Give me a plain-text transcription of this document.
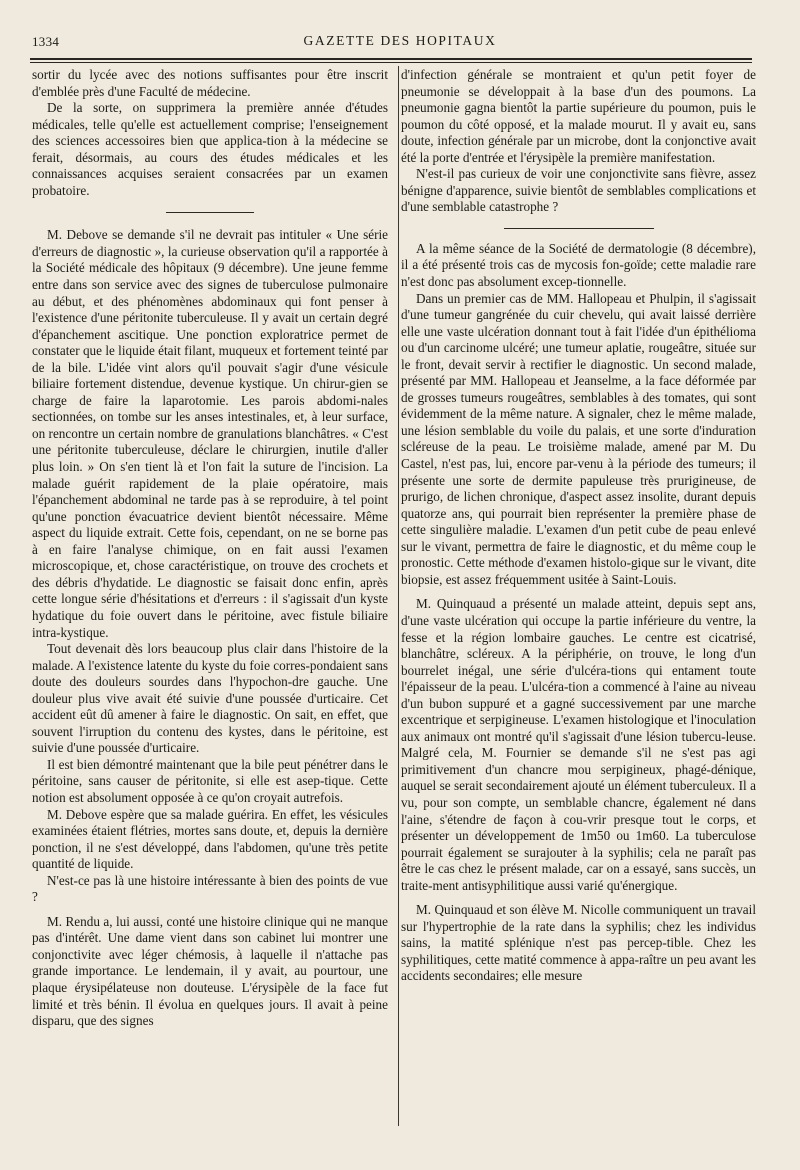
1334	GAZETTE DES HOPITAUX

sortir du lycée avec des notions suffisantes pour être inscrit d'emblée près d'une Faculté de médecine.

De la sorte, on supprimera la première année d'études médicales, telle qu'elle est actuellement comprise; l'enseignement des sciences accessoires bien que applica-tion à la médecine se ferait, désormais, au cours des études médicales et les connaissances acquises seraient consacrées par un examen probatoire.

M. Debove se demande s'il ne devrait pas intituler « Une série d'erreurs de diagnostic », la curieuse observation qu'il a rapportée à la Société médicale des hôpitaux (9 décembre). Une jeune femme entre dans son service avec des signes de tuberculose pulmonaire au début, et des phénomènes abdominaux qui font penser à l'existence d'une péritonite tuberculeuse. Il y avait un certain degré d'épanchement ascitique. Une ponction exploratrice permet de constater que le liquide était filant, muqueux et fortement teinté par de la bile. L'idée vint alors qu'il pouvait s'agir d'une vésicule biliaire fortement distendue, devenue kystique. Un chirur-gien se charge de faire la laparotomie. Les parois abdomi-nales sectionnées, on tombe sur les anses intestinales, et, à leur surface, on rencontre un certain nombre de granulations blanchâtres. « C'est une péritonite tuberculeuse, déclare le chirurgien, inutile d'aller plus loin. » On s'en tient là et l'on fait la suture de l'incision. La malade guérit rapidement de la plaie opératoire, mais l'épanchement abdominal ne tarde pas à se reproduire, à tel point qu'une ponction évacuatrice devient bientôt nécessaire. Même aspect du liquide extrait. Cette fois, cependant, on ne se borne pas à en faire l'analyse chimique, on en fait aussi l'examen microscopique, et, chose caractéristique, on trouve des crochets et des débris d'hydatide. Le diagnostic se faisait donc enfin, après cette longue série d'hésitations et d'erreurs : il s'agissait d'un kyste hydatique du foie ouvert dans le péritoine, avec fistule biliaire intra-kystique.

Tout devenait dès lors beaucoup plus clair dans l'histoire de la malade. A l'existence latente du kyste du foie corres-pondaient sans doute des douleurs sourdes dans l'hypochon-dre gauche. Une douleur plus vive avait été suivie d'une poussée d'urticaire. Cet accident eût dû amener à faire le diagnostic. On sait, en effet, que souvent l'irruption du contenu des kystes, dans le péritoine, est suivie d'une poussée d'urticaire.

Il est bien démontré maintenant que la bile peut pénétrer dans le péritoine, sans causer de péritonite, si elle est asep-tique. Cette notion est absolument opposée à ce qu'on croyait autrefois.

M. Debove espère que sa malade guérira. En effet, les vésicules examinées étaient flétries, mortes sans doute, et, depuis la dernière ponction, il ne s'est développé, dans l'abdomen, qu'une très petite quantité de liquide.

N'est-ce pas là une histoire intéressante à bien des points de vue ?

M. Rendu a, lui aussi, conté une histoire clinique qui ne manque pas d'intérêt. Une dame vient dans son cabinet lui montrer une conjonctivite avec léger chémosis, à laquelle il n'attache pas grande importance. Le lendemain, il y avait, au pourtour, une plaque érysipélateuse non douteuse. L'érysipèle de la face fut limité et très bénin. Il évolua en quelques jours. Il avait à peine disparu, que des signes

d'infection générale se montraient et qu'un petit foyer de pneumonie se développait à la base d'un des poumons. La pneumonie gagna bientôt la partie supérieure du poumon, puis le poumon du côté opposé, et la malade mourut. Il y avait eu, sans doute, infection générale par un microbe, dont la conjonctive avait été la porte d'entrée et l'érysipèle la première manifestation.

N'est-il pas curieux de voir une conjonctivite sans fièvre, assez bénigne d'apparence, suivie bientôt de semblables complications et d'une semblable catastrophe ?

A la même séance de la Société de dermatologie (8 décembre), il a été présenté trois cas de mycosis fon-goïde; cette maladie rare n'est donc pas absolument excep-tionnelle.

Dans un premier cas de MM. Hallopeau et Phulpin, il s'agissait d'une tumeur gangrénée du cuir chevelu, qui avait laissé derrière elle une vaste ulcération donnant tout à fait l'idée d'un épithélioma ou d'un carcinome ulcéré; une tumeur aplatie, rougeâtre, située sur le front, devait servir à rectifier le diagnostic. Un second malade, présenté par MM. Hallopeau et Jeanselme, a la face déformée par de grosses tumeurs rougeâtres, semblables à des tomates, qui sont évidemment de la même nature. A signaler, chez le même malade, une lésion semblable du voile du palais, et une sorte d'induration scléreuse de la peau. Le troisième malade, amené par M. Du Castel, n'est pas, lui, encore par-venu à la période des tumeurs; il présente une sorte de dermite papuleuse très prurigineuse, de prurigo, de lichen chronique, d'aspect assez insolite, durant depuis quatorze ans, qui pourrait bien représenter la première phase de cette singulière maladie. L'examen d'un petit cube de peau enlevé sur le vivant, permettra de faire le diagnostic, et du même coup le pronostic. Cette méthode d'examen histolo-gique sur le vivant, dite biopsie, est assez fréquemment usitée à Saint-Louis.

M. Quinquaud a présenté un malade atteint, depuis sept ans, d'une vaste ulcération qui occupe la partie inférieure du ventre, la fesse et la région lombaire gauches. Le centre est cicatrisé, blanchâtre, scléreux. A la périphérie, on trouve, le long d'un bourrelet inégal, une série d'ulcéra-tions qui entament toute l'épaisseur de la peau. L'ulcéra-tion a commencé à l'aine au niveau d'un bubon suppuré et a gagné successivement par une marche excentrique et serpigineuse. L'examen histologique et l'inoculation aux animaux ont montré qu'il s'agissait d'une lésion tubercu-leuse. Malgré cela, M. Fournier se demande s'il ne s'est pas agi primitivement d'un chancre mou serpigineux, phagé-dénique, auquel se serait secondairement ajouté un élément tuberculeux. Il a vu, pour son compte, un semblable chancre, également né dans l'aine, s'étendre de façon à cou-vrir presque tout le corps, et présenter un développement de 1m50 ou 1m60. La tuberculose pourrait également se surajouter à la syphilis; cela ne paraît pas être le cas chez le présent malade, car on a essayé, sans succès, un traite-ment antisyphilitique aussi varié qu'énergique.

M. Quinquaud et son élève M. Nicolle communiquent un travail sur l'hypertrophie de la rate dans la syphilis; chez les individus sains, la matité splénique n'est pas percep-tible. Chez les syphilitiques, cette matité commence à appa-raître un peu avant les accidents secondaires; elle mesure
